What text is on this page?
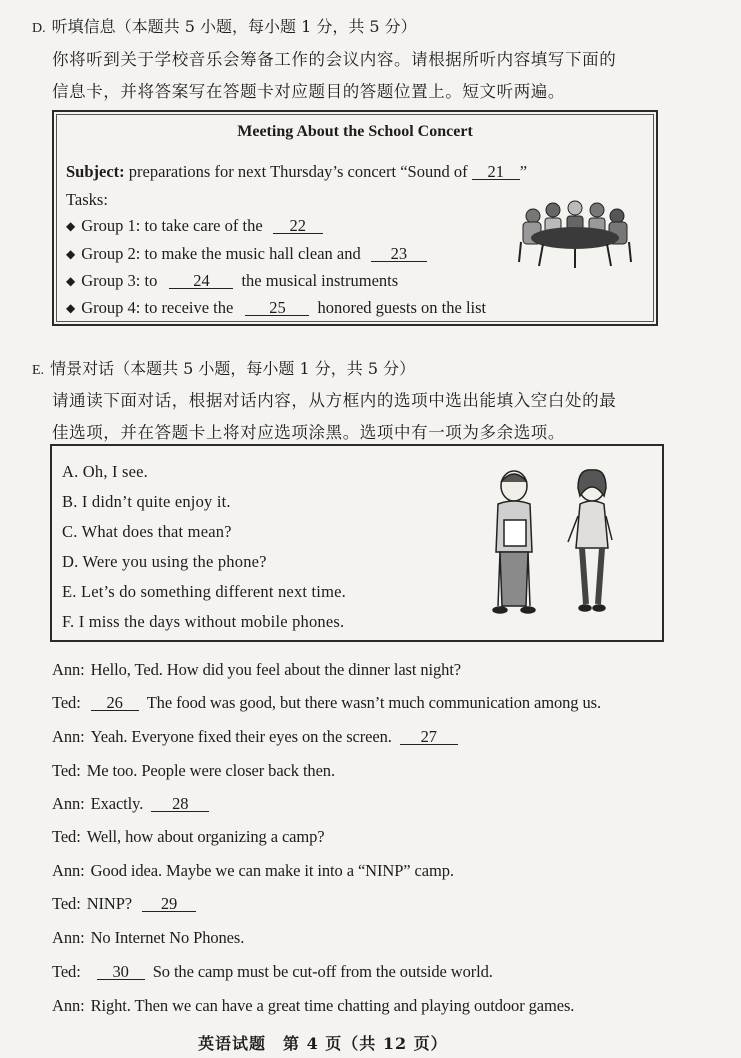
D. 听填信息（本题共 5 小题，每小题 1 分，共 5 分）
你将听到关于学校音乐会筹备工作的会议内容。请根据所听内容填写下面的
信息卡，并将答案写在答题卡对应题目的答题位置上。短文听两遍。
Meeting About the School Concert
Subject: preparations for next Thursday’s concert “Sound of 21 ”
Tasks:
◆ Group 1: to take care of the 22
◆ Group 2: to make the music hall clean and 23
◆ Group 3: to 24 the musical instruments
◆ Group 4: to receive the 25 honored guests on the list
E. 情景对话（本题共 5 小题，每小题 1 分，共 5 分）
请通读下面对话，根据对话内容，从方框内的选项中选出能填入空白处的最
佳选项，并在答题卡上将对应选项涂黑。选项中有一项为多余选项。
A. Oh, I see.
B. I didn’t quite enjoy it.
C. What does that mean?
D. Were you using the phone?
E. Let’s do something different next time.
F. I miss the days without mobile phones.
Ann: Hello, Ted. How did you feel about the dinner last night?
Ted: 26 The food was good, but there wasn’t much communication among us.
Ann: Yeah. Everyone fixed their eyes on the screen. 27
Ted: Me too. People were closer back then.
Ann: Exactly. 28
Ted: Well, how about organizing a camp?
Ann: Good idea. Maybe we can make it into a “NINP” camp.
Ted: NINP? 29
Ann: No Internet No Phones.
Ted: 30 So the camp must be cut-off from the outside world.
Ann: Right. Then we can have a great time chatting and playing outdoor games.
英语试题　第 4 页（共 12 页）
